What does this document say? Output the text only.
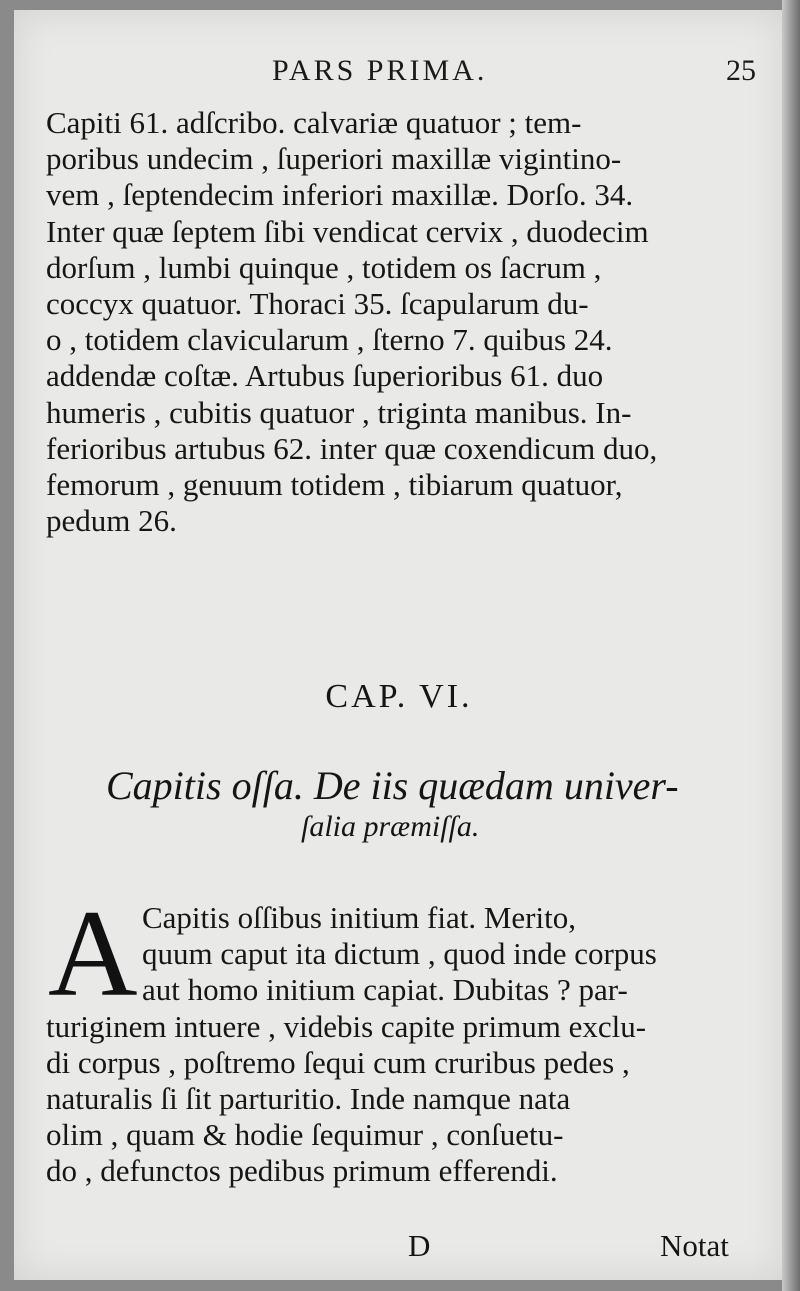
PARS PRIMA.	25
Capiti 61. adſcribo. calvariæ quatuor ; tem-
poribus undecim , ſuperiori maxillæ vigintino-
vem , ſeptendecim inferiori maxillæ. Dorſo. 34.
Inter quæ ſeptem ſibi vendicat cervix , duodecim
dorſum , lumbi quinque , totidem os ſacrum ,
coccyx quatuor. Thoraci 35. ſcapularum du-
o , totidem clavicularum , ſterno 7. quibus 24.
addendæ coſtæ. Artubus ſuperioribus 61. duo
humeris , cubitis quatuor , triginta manibus. In-
ferioribus artubus 62. inter quæ coxendicum duo,
femorum , genuum totidem , tibiarum quatuor,
pedum 26.
CAP. VI.
Capitis oſſa. De iis quædam univer-
ſalia præmiſſa.
A Capitis oſſibus initium fiat. Merito,
quum caput ita dictum , quod inde corpus
aut homo initium capiat. Dubitas ? par-
turiginem intuere , videbis capite primum exclu-
di corpus , poſtremo ſequi cum cruribus pedes ,
naturalis ſi ſit parturitio. Inde namque nata
olim , quam & hodie ſequimur , conſuetu-
do , defunctos pedibus primum efferendi.
D	Notat
